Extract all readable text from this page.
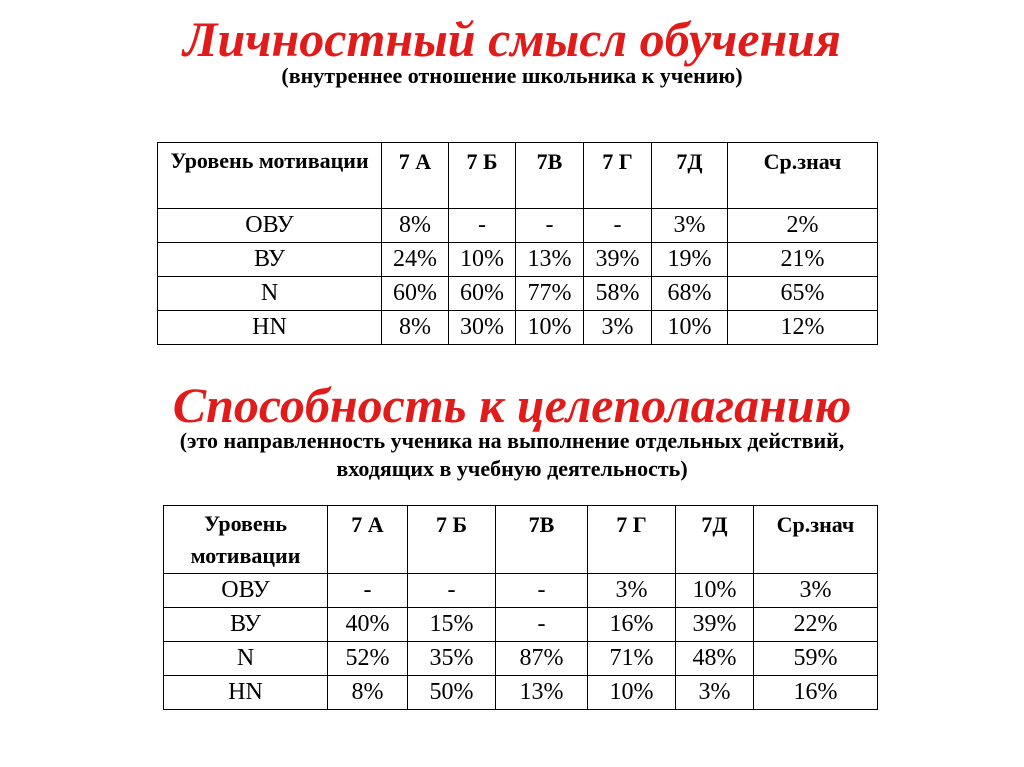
Личностный смысл обучения

(внутреннее отношение школьника к учению)

Уровень мотивации	7 А	7 Б	7В	7 Г	7Д	Ср.знач
ОВУ	8%	-	-	-	3%	2%
ВУ	24%	10%	13%	39%	19%	21%
N	60%	60%	77%	58%	68%	65%
HN	8%	30%	10%	3%	10%	12%
Способность к целеполаганию

(это направленность ученика на выполнение отдельных действий,

входящих в учебную деятельность)

Уровень мотивации	7 А	7 Б	7В	7 Г	7Д	Ср.знач
ОВУ	-	-	-	3%	10%	3%
ВУ	40%	15%	-	16%	39%	22%
N	52%	35%	87%	71%	48%	59%
HN	8%	50%	13%	10%	3%	16%
